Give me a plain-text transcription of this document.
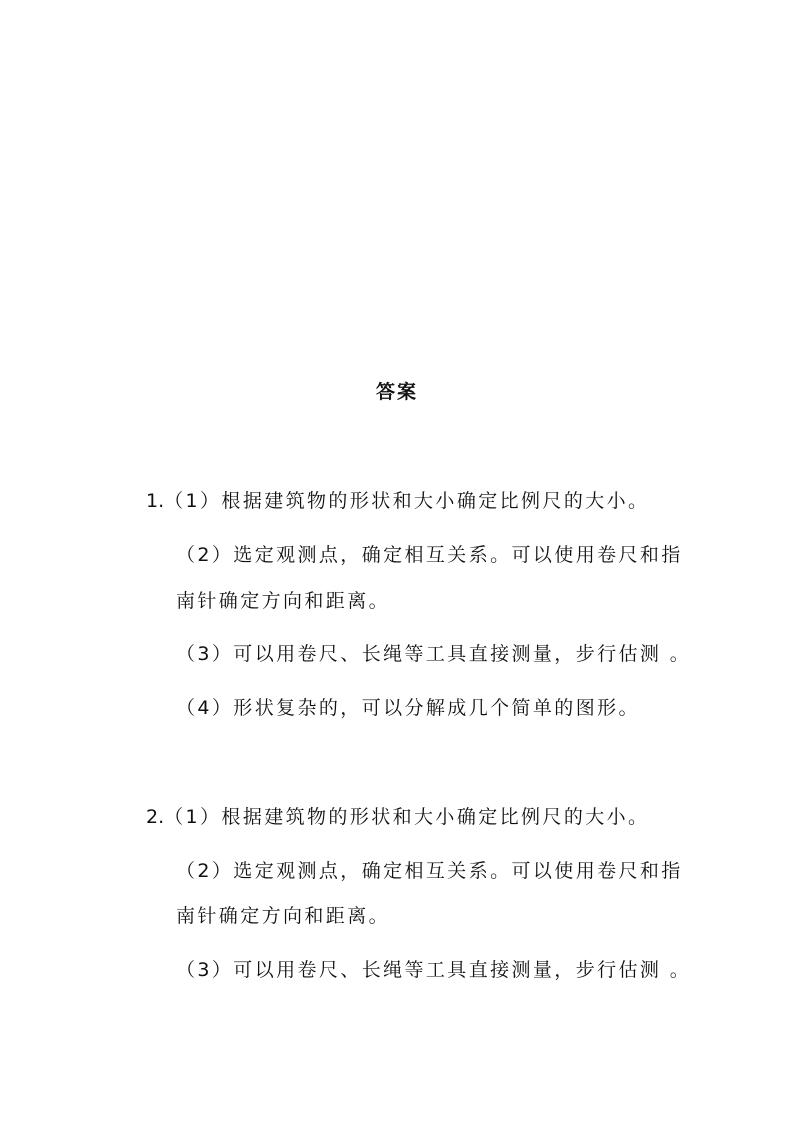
答案
1.（1）根据建筑物的形状和大小确定比例尺的大小。
（2）选定观测点，确定相互关系。可以使用卷尺和指
南针确定方向和距离。
（3）可以用卷尺、长绳等工具直接测量，步行估测 。
（4）形状复杂的，可以分解成几个简单的图形。
2.（1）根据建筑物的形状和大小确定比例尺的大小。
（2）选定观测点，确定相互关系。可以使用卷尺和指
南针确定方向和距离。
（3）可以用卷尺、长绳等工具直接测量，步行估测 。
